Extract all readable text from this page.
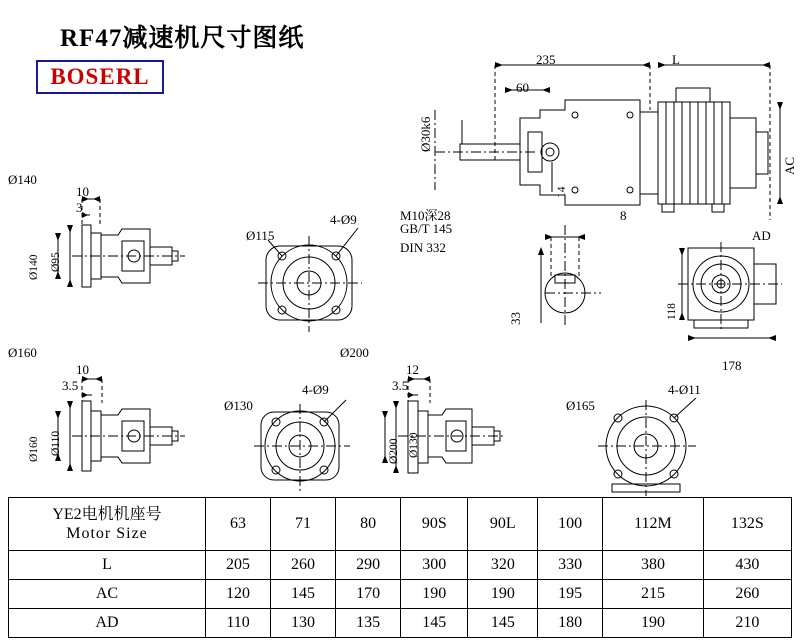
RF47减速机尺寸图纸
BOSERL
235	L
60
Ø30k6
AC
14
M10深28
GB/T 145
DIN 332
8
33
AD
118
178
Ø140
10
3
Ø140 Ø95
4-Ø9
Ø115
Ø160
10
3.5
Ø160 Ø110
4-Ø9
Ø130
Ø200
12
3.5
Ø200 Ø130
4-Ø11
Ø165
YE2电机机座号
Motor Size	63	71	80	90S	90L	100	112M	132S
L	205	260	290	300	320	330	380	430
AC	120	145	170	190	190	195	215	260
AD	110	130	135	145	145	180	190	210
